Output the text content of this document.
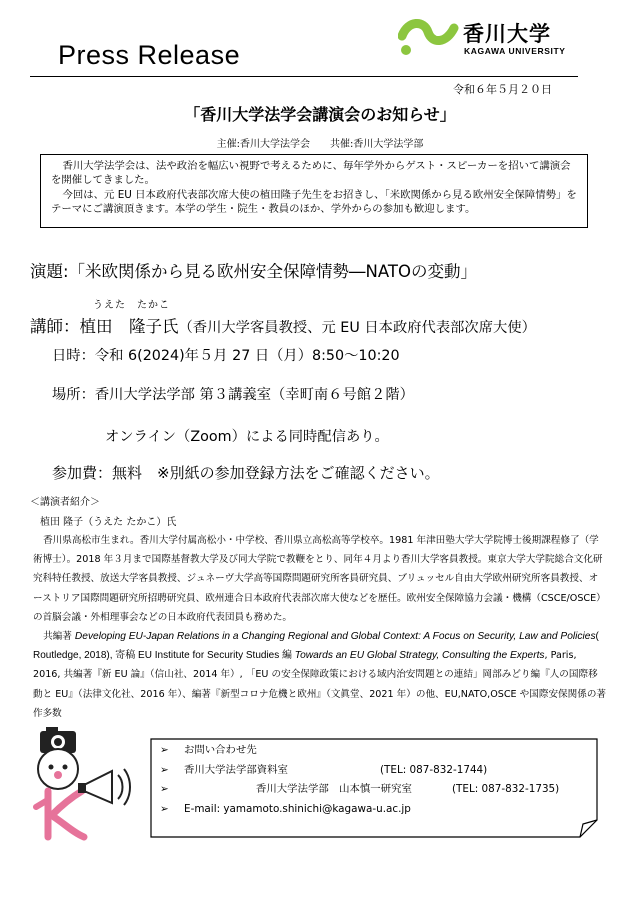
Press Release
香川大学
KAGAWA UNIVERSITY
令和６年５月２０日
「香川大学法学会講演会のお知らせ」
主催:香川大学法学会　　共催:香川大学法学部

香川大学法学会は、法や政治を幅広い視野で考えるために、毎年学外からゲスト・スピーカーを招いて講演会を開催してきました。

今回は、元 EU 日本政府代表部次席大使の植田隆子先生をお招きし、「米欧関係から見る欧州安全保障情勢」をテーマにご講演頂きます。本学の学生・院生・教員のほか、学外からの参加も歓迎します。

演題:「米欧関係から見る欧州安全保障情勢―NATOの変動」
うえた　たかこ
講師：植田　隆子氏（香川大学客員教授、元 EU 日本政府代表部次席大使）
日時：令和 6(2024)年５月 27 日（月）8:50～10:20
場所：香川大学法学部 第３講義室（幸町南６号館２階）
オンライン（Zoom）による同時配信あり。
参加費：無料　※別紙の参加登録方法をご確認ください。
＜講演者紹介＞
植田 隆子（うえた たかこ）氏

香川県高松市生まれ。香川大学付属高松小・中学校、香川県立高松高等学校卒。1981 年津田塾大学大学院博士後期課程修了（学術博士）。2018 年３月まで国際基督教大学及び同大学院で教鞭をとり、同年４月より香川大学客員教授。東京大学大学院総合文化研究科特任教授、放送大学客員教授、ジュネーヴ大学高等国際問題研究所客員研究員、ブリュッセル自由大学欧州研究所客員教授、オーストリア国際問題研究所招聘研究員、欧州連合日本政府代表部次席大使などを歴任。欧州安全保障協力会議・機構（CSCE/OSCE）の首脳会議・外相理事会などの日本政府代表団員も務めた。

共編著 Developing EU-Japan Relations in a Changing Regional and Global Context: A Focus on Security, Law and Policies( Routledge, 2018), 寄稿 EU Institute for Security Studies 編 Towards an EU Global Strategy, Consulting the Experts, Paris, 2016, 共編著『新 EU 論』（信山社、2014 年）, 「EU の安全保障政策における域内治安問題との連結」岡部みどり編『人の国際移動と EU』（法律文化社、2016 年）、編著『新型コロナ危機と欧州』（文眞堂、2021 年）の他、EU,NATO,OSCE や国際安保関係の著作多数

➢ お問い合わせ先
➢ 香川大学法学部資料室	(TEL: 087-832-1744)
➢	香川大学法学部　山本慎一研究室	(TEL: 087-832-1735)
➢ E-mail: yamamoto.shinichi@kagawa-u.ac.jp
